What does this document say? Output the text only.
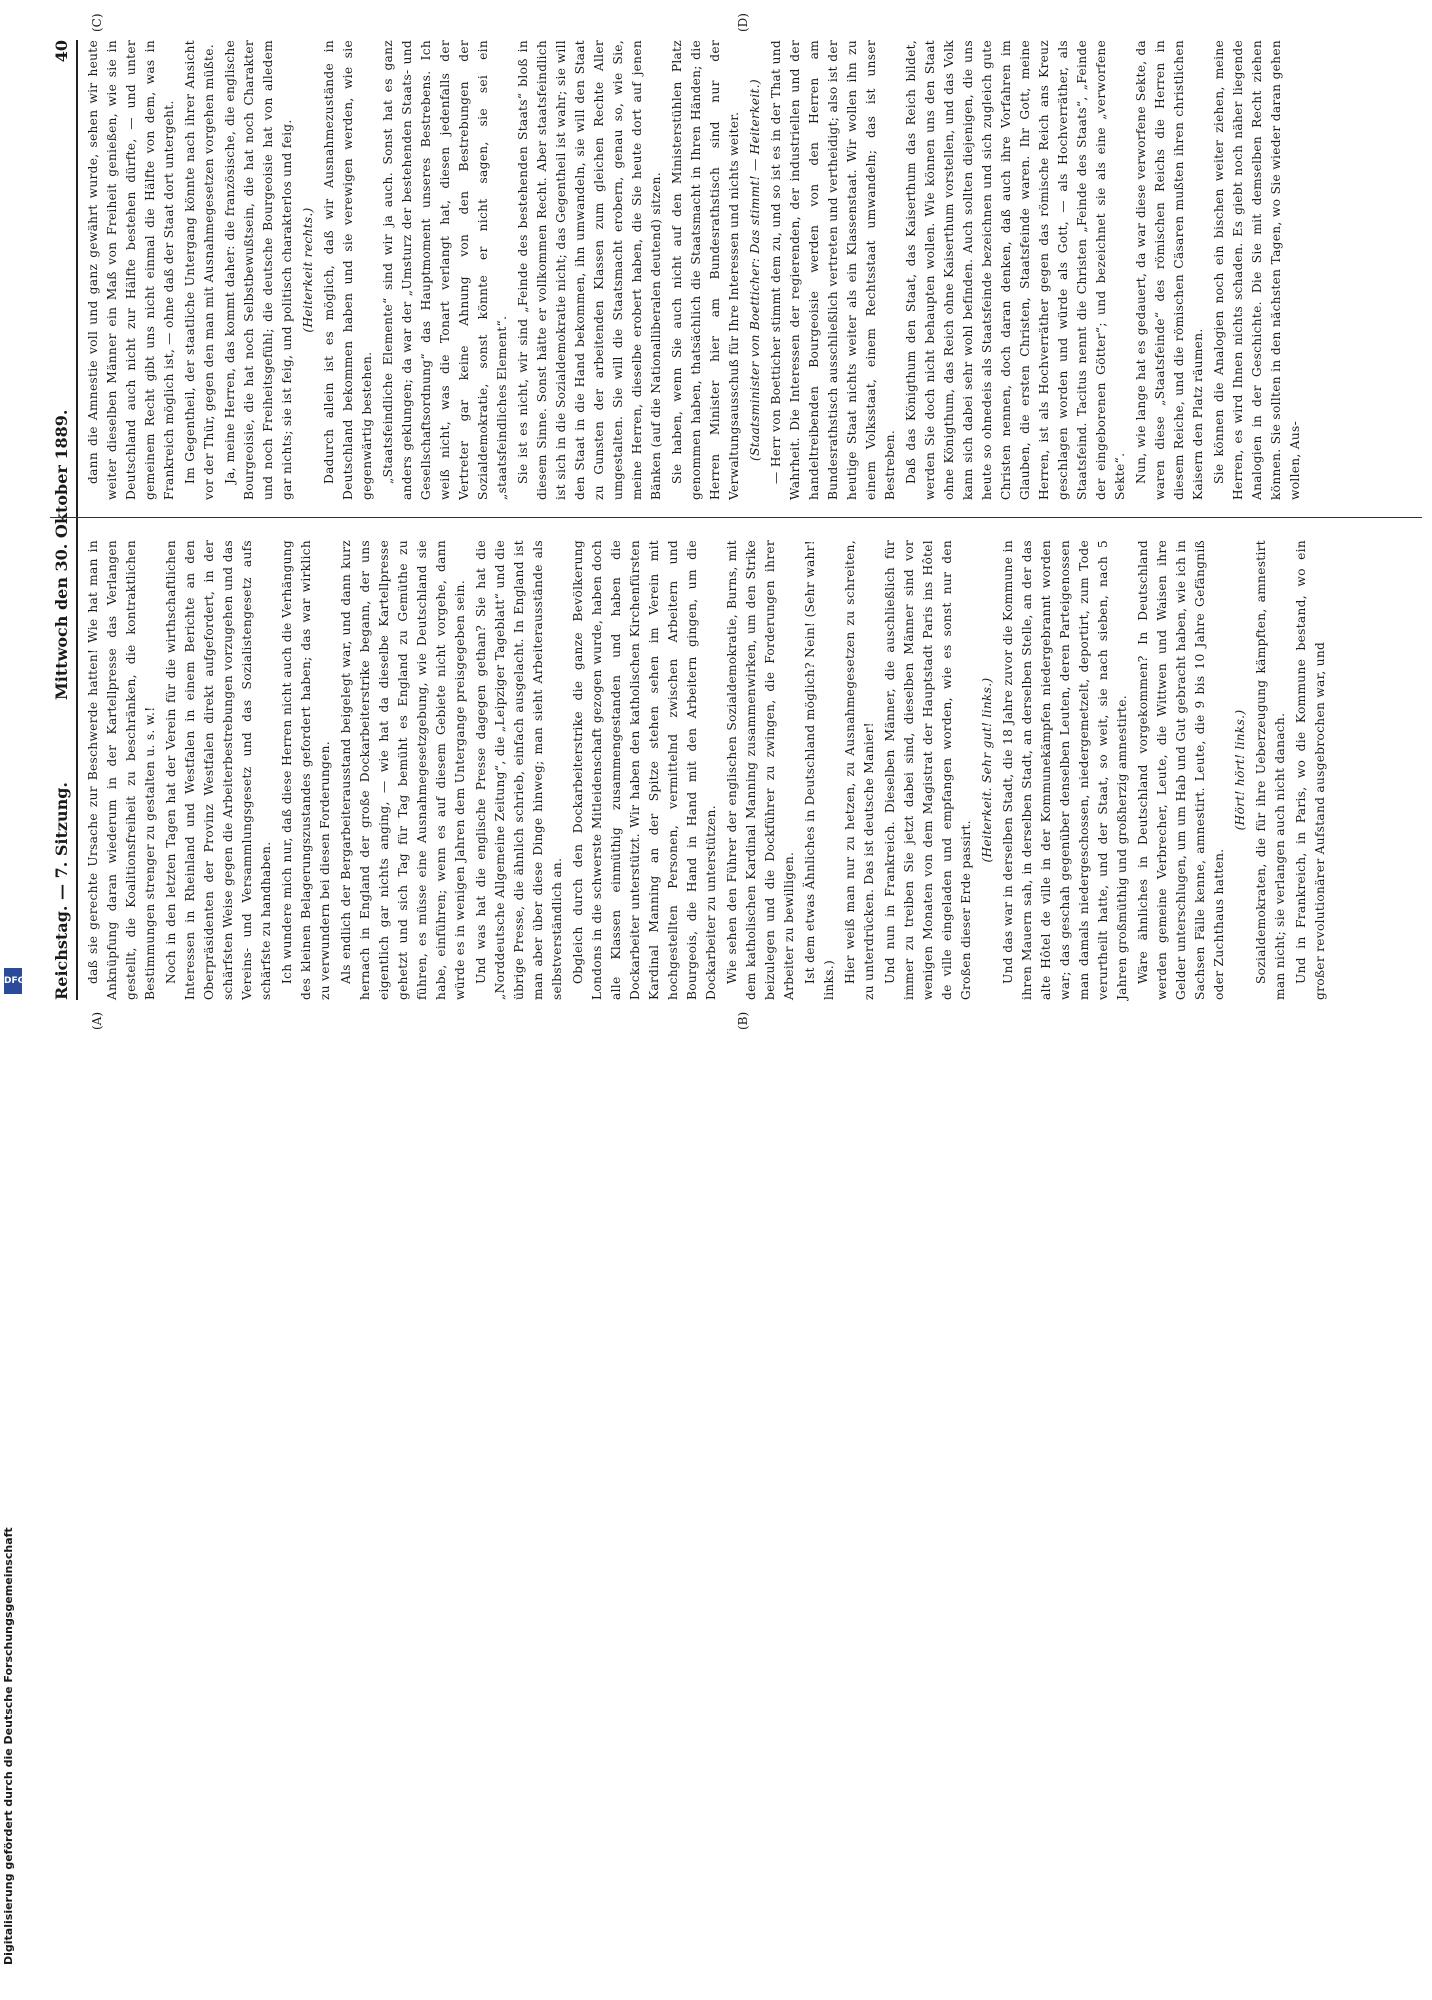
Reichstag. — 7. Sitzung.
Mittwoch den 30. Oktober 1889.
40

daß sie gerechte Ursache zur Beschwerde hatten! Wie hat man in Anknüpfung daran wiederum in der Kartellpresse das Verlangen gestellt, die Koalitionsfreiheit zu beschränken, die kontraktlichen Bestimmungen strenger zu gestalten u. s. w.! Noch in den letzten Tagen hat der Verein für die wirthschaftlichen Interessen in Rheinland und Westfalen in einem Berichte an den Oberpräsidenten der Provinz Westfalen direkt aufgefordert, in der schärfsten Weise gegen die Arbeiterbestrebungen vorzugehen und das Vereins- und Versammlungsgesetz und das Sozialistengesetz aufs schärfste zu handhaben. Ich wundere mich nur, daß diese Herren nicht auch die Verhängung des kleinen Belagerungszustandes gefordert haben; das war wirklich zu verwundern bei diesen Forderungen. Als endlich der Bergarbeiterausstand beigelegt war, und dann kurz hernach in England der große Dockarbeiterstrike begann, der uns eigentlich gar nichts anging, — wie hat da dieselbe Kartellpresse gehetzt und sich Tag für Tag bemüht es England zu Gemüthe zu führen, es müsse eine Ausnahmegesetzgebung, wie Deutschland sie habe, einführen; wenn es auf diesem Gebiete nicht vorgehe, dann würde es in wenigen Jahren dem Untergange preisgegeben sein. Und was hat die englische Presse dagegen gethan? Sie hat die „Norddeutsche Allgemeine Zeitung“, die „Leipziger Tageblatt“ und die übrige Presse, die ähnlich schrieb, einfach ausgelacht. In England ist man aber über diese Dinge hinweg; man sieht Arbeiterausstände als selbstverständlich an. Obgleich durch den Dockarbeiterstrike die ganze Bevölkerung Londons in die schwerste Mitleidenschaft gezogen wurde, haben doch alle Klassen einmüthig zusammengestanden und haben die Dockarbeiter unterstützt. Wir haben den katholischen Kirchenfürsten Kardinal Manning an der Spitze stehen sehen im Verein mit hochgestellten Personen, vermittelnd zwischen Arbeitern und Bourgeois, die Hand in Hand mit den Arbeitern gingen, um die Dockarbeiter zu unterstützen. Wie sehen den Führer der englischen Sozialdemokratie, Burns, mit dem katholischen Kardinal Manning zusammenwirken, um den Strike beizulegen und die Dockführer zu zwingen, die Forderungen ihrer Arbeiter zu bewilligen. Ist dem etwas Ähnliches in Deutschland möglich? Nein! (Sehr wahr! links.) Hier weiß man nur zu hetzen, zu Ausnahmegesetzen zu schreiten, zu unterdrücken. Das ist deutsche Manier! Und nun in Frankreich. Dieselben Männer, die auschließlich für immer zu treiben Sie jetzt dabei sind, dieselben Männer sind vor wenigen Monaten von dem Magistrat der Hauptstadt Paris ins Hôtel de ville eingeladen und empfangen worden, wie es sonst nur den Großen dieser Erde passirt.

(Heiterkeit. Sehr gut! links.) Und das war in derselben Stadt, die 18 Jahre zuvor die Kommune in ihren Mauern sah, in derselben Stadt, an derselben Stelle, an der das alte Hôtel de ville in der Kommunekämpfen niedergebrannt worden war; das geschah gegenüber denselben Leuten, deren Parteigenossen man damals niedergeschossen, niedergemetzelt, deportirt, zum Tode verurtheilt hatte, und der Staat, so weit, sie nach sieben, nach 5 Jahren großmüthig und großherzig amnestirte. Wäre ähnliches in Deutschland vorgekommen? In Deutschland werden gemeine Verbrecher, Leute, die Wittwen und Waisen ihre Gelder unterschlugen, um um Hab und Gut gebracht haben, wie ich in Sachsen Fälle kenne, amnestirt. Leute, die 9 bis 10 Jahre Gefängniß oder Zuchthaus hatten.

(Hört! hört! links.) Sozialdemokraten, die für ihre Ueberzeugung kämpften, amnestirt man nicht; sie verlangen auch nicht danach. Und in Frankreich, in Paris, wo die Kommune bestand, wo ein großer revolutionärer Aufstand ausgebrochen war, und

dann die Amnestie voll und ganz gewährt wurde, sehen wir heute weiter dieselben Männer ein Maß von Freiheit genießen, wie sie in Deutschland auch nicht zur Hälfte bestehen dürfte, — und unter gemeinem Recht gibt uns nicht einmal die Hälfte von dem, was in Frankreich möglich ist, — ohne daß der Staat dort untergeht. Im Gegentheil, der staatliche Untergang könnte nach ihrer Ansicht vor der Thür, gegen den man mit Ausnahmegesetzen vorgehen müßte. Ja, meine Herren, das kommt daher: die französische, die englische Bourgeoisie, die hat noch Selbstbewußtsein, die hat noch Charakter und noch Freiheitsgefühl; die deutsche Bourgeoisie hat von alledem gar nichts; sie ist feig, und politisch charakterlos und feig. (Heiterkeit rechts.) Dadurch allein ist es möglich, daß wir Ausnahmezustände in Deutschland bekommen haben und sie verewigen werden, wie sie gegenwärtig bestehen. „Staatsfeindliche Elemente“ sind wir ja auch. Sonst hat es ganz anders geklungen; da war der „Umsturz der bestehenden Staats- und Gesellschaftsordnung“ das Hauptmoment unseres Bestrebens. Ich weiß nicht, was die Tonart verlangt hat, diesen jedenfalls der Vertreter gar keine Ahnung von den Bestrebungen der Sozialdemokratie, sonst könnte er nicht sagen, sie sei ein „staatsfeindliches Element“. Sie ist es nicht, wir sind „Feinde des bestehenden Staats“ bloß in diesem Sinne. Sonst hätte er vollkommen Recht. Aber staatsfeindlich ist sich in die Sozialdemokratie nicht; das Gegentheil ist wahr; sie will den Staat in die Hand bekommen, ihn umwandeln, sie will den Staat zu Gunsten der arbeitenden Klassen zum gleichen Rechte Aller umgestalten. Sie will die Staatsmacht erobern, genau so, wie Sie, meine Herren, dieselbe erobert haben, die Sie heute dort auf jenen Bänken (auf die Nationalliberalen deutend) sitzen. Sie haben, wenn Sie auch nicht auf den Ministerstühlen Platz genommen haben, thatsächlich die Staatsmacht in Ihren Händen; die Herren Minister hier am Bundesrathstisch sind nur der Verwaltungsausschuß für Ihre Interessen und nichts weiter. (Staatsminister von Boetticher: Das stimmt! — Heiterkeit.) — Herr von Boetticher stimmt dem zu, und so ist es in der That und Wahrheit. Die Interessen der regierenden, der industriellen und der handeltreibenden Bourgeoisie werden von den Herren am Bundesrathstisch ausschließlich vertreten und vertheidigt; also ist der heutige Staat nichts weiter als ein Klassenstaat. Wir wollen ihn zu einem Volksstaat, einem Rechtsstaat umwandeln; das ist unser Bestreben. Daß das Königthum den Staat, das Kaiserthum das Reich bildet, werden Sie doch nicht behaupten wollen. Wie können uns den Staat ohne Königthum, das Reich ohne Kaiserthum vorstellen, und das Volk kann sich dabei sehr wohl befinden. Auch sollten diejenigen, die uns heute so ohnedeis als Staatsfeinde bezeichnen und sich zugleich gute Christen nennen, doch daran denken, daß auch ihre Vorfahren im Glauben, die ersten Christen, Staatsfeinde waren. Ihr Gott, meine Herren, ist als Hochverräther gegen das römische Reich ans Kreuz geschlagen worden und würde als Gott, — als Hochverräther, als Staatsfeind. Tacitus nennt die Christen „Feinde des Staats“, „Feinde der eingeborenen Götter“; und bezeichnet sie als eine „verworfene Sekte“. Nun, wie lange hat es gedauert, da war diese verworfene Sekte, da waren diese „Staatsfeinde“ des römischen Reichs die Herren in diesem Reiche, und die römischen Cäsaren mußten ihren christlichen Kaisern den Platz räumen. Sie können die Analogien noch ein bischen weiter ziehen, meine Herren, es wird Ihnen nichts schaden. Es giebt noch näher liegende Analogien in der Geschichte. Die Sie mit demselben Recht ziehen können. Sie sollten in den nächsten Tagen, wo Sie wieder daran gehen wollen, Aus-

(A)	(B)
(C)	(D)
Digitalisierung gefördert durch die Deutsche Forschungsgemeinschaft
DFG
